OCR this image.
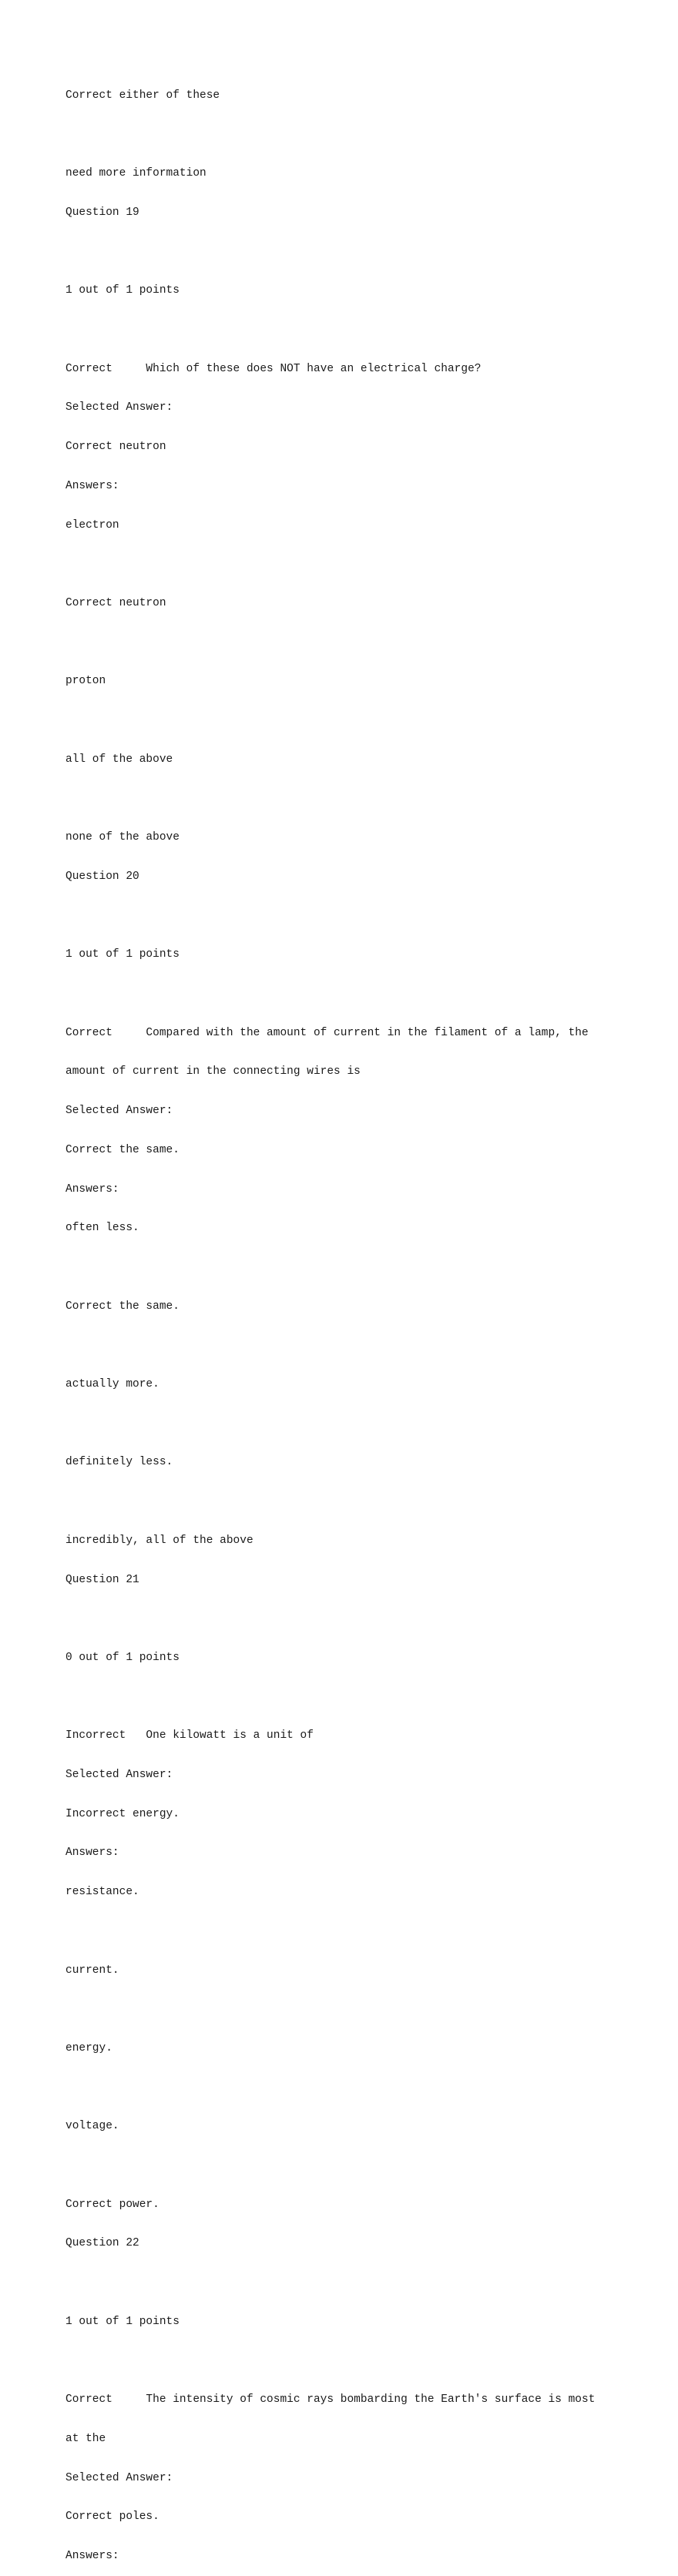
Correct either of these

need more information

Question 19

1 out of 1 points

Correct     Which of these does NOT have an electrical charge?

Selected Answer:

Correct neutron

Answers:

electron

Correct neutron

proton

all of the above

none of the above

Question 20

1 out of 1 points

Correct     Compared with the amount of current in the filament of a lamp, the

amount of current in the connecting wires is

Selected Answer:

Correct the same.

Answers:

often less.

Correct the same.

actually more.

definitely less.

incredibly, all of the above

Question 21

0 out of 1 points

Incorrect   One kilowatt is a unit of

Selected Answer:

Incorrect energy.

Answers:

resistance.

current.

energy.

voltage.

Correct power.

Question 22

1 out of 1 points

Correct     The intensity of cosmic rays bombarding the Earth's surface is most

at the

Selected Answer:

Correct poles.

Answers:
